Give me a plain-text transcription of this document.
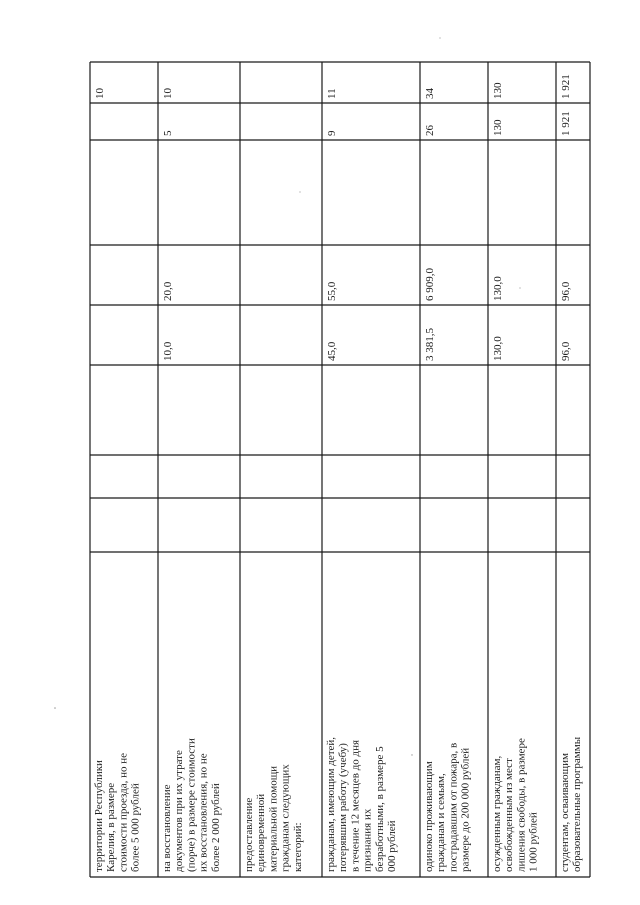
территории Республики Карелия, в размере стоимости проезда, но не более 5 000 рублей
10
на восстановление документов при их утрате (порче) в размере стоимости их восстановления, но не более 2 000 рублей
10,0
20,0
5
10
предоставление единовременной материальной помощи гражданам следующих категорий: гражданам, имеющим детей, потерявшим работу (учебу) в течение 12 месяцев до дня признания их безработными, в размере 5 000 рублей
45,0
55,0
9
11
одиноко проживающим гражданам и семьям, пострадавшим от пожара, в размере до 200 000 рублей
3 381,5
6 909,0
26
34
осужденным гражданам, освобожденным из мест лишения свободы, в размере 1 000 рублей
130,0
130,0
130
130
студентам, осваивающим образовательные программы
96,0
96,0
1 921
1 921
